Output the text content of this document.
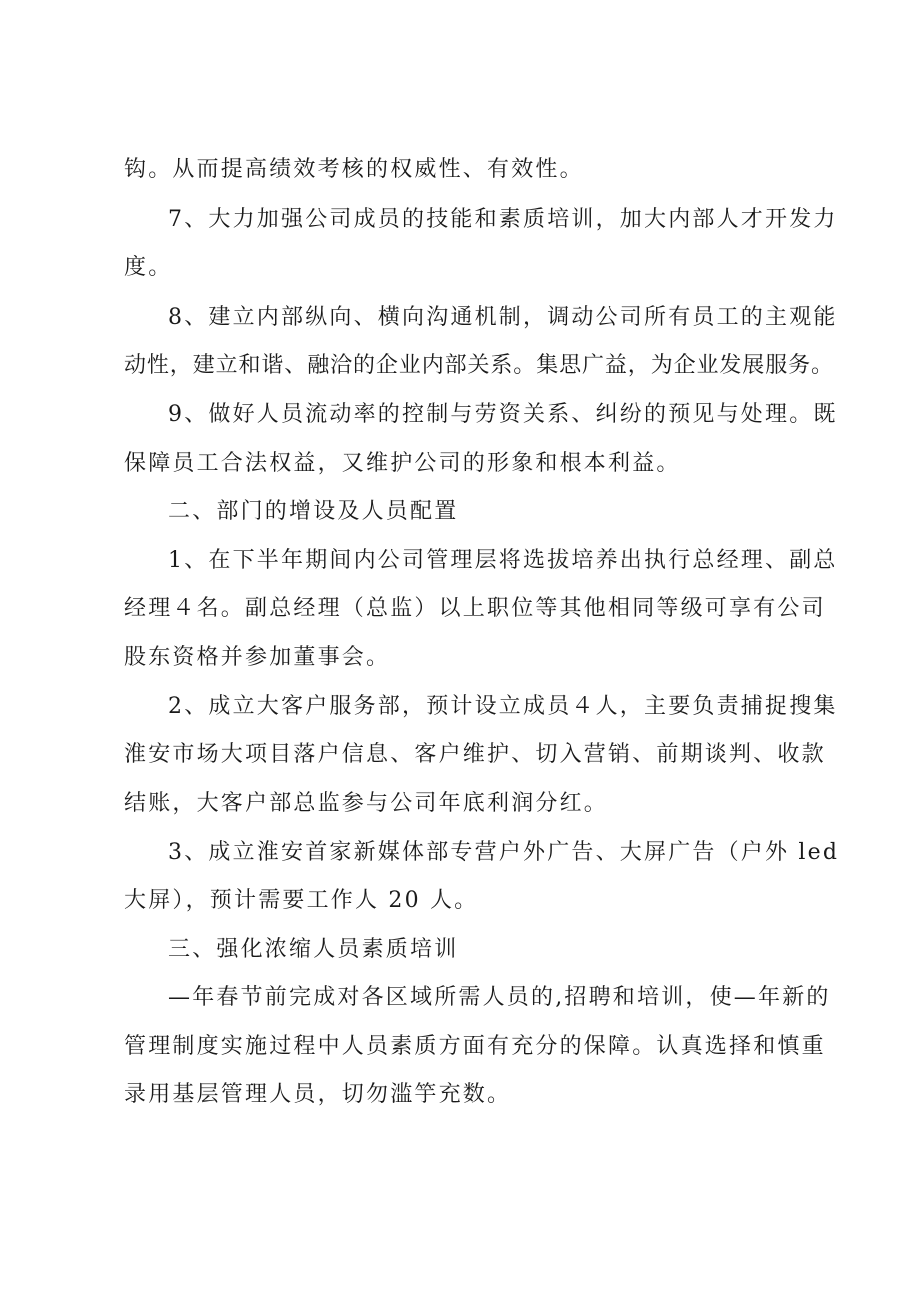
钩。从而提高绩效考核的权威性、有效性。
7、大力加强公司成员的技能和素质培训，加大内部人才开发力
度。
8、建立内部纵向、横向沟通机制，调动公司所有员工的主观能
动性，建立和谐、融洽的企业内部关系。集思广益，为企业发展服务。
9、做好人员流动率的控制与劳资关系、纠纷的预见与处理。既
保障员工合法权益，又维护公司的形象和根本利益。
二、部门的增设及人员配置
1、在下半年期间内公司管理层将选拔培养出执行总经理、副总
经理４名。副总经理（总监）以上职位等其他相同等级可享有公司
股东资格并参加董事会。
2、成立大客户服务部，预计设立成员４人，主要负责捕捉搜集
淮安市场大项目落户信息、客户维护、切入营销、前期谈判、收款
结账，大客户部总监参与公司年底利润分红。
3、成立淮安首家新媒体部专营户外广告、大屏广告（户外 led
大屏），预计需要工作人 20 人。
三、强化浓缩人员素质培训
—年春节前完成对各区域所需人员的,招聘和培训，使—年新的
管理制度实施过程中人员素质方面有充分的保障。认真选择和慎重
录用基层管理人员，切勿滥竽充数。
